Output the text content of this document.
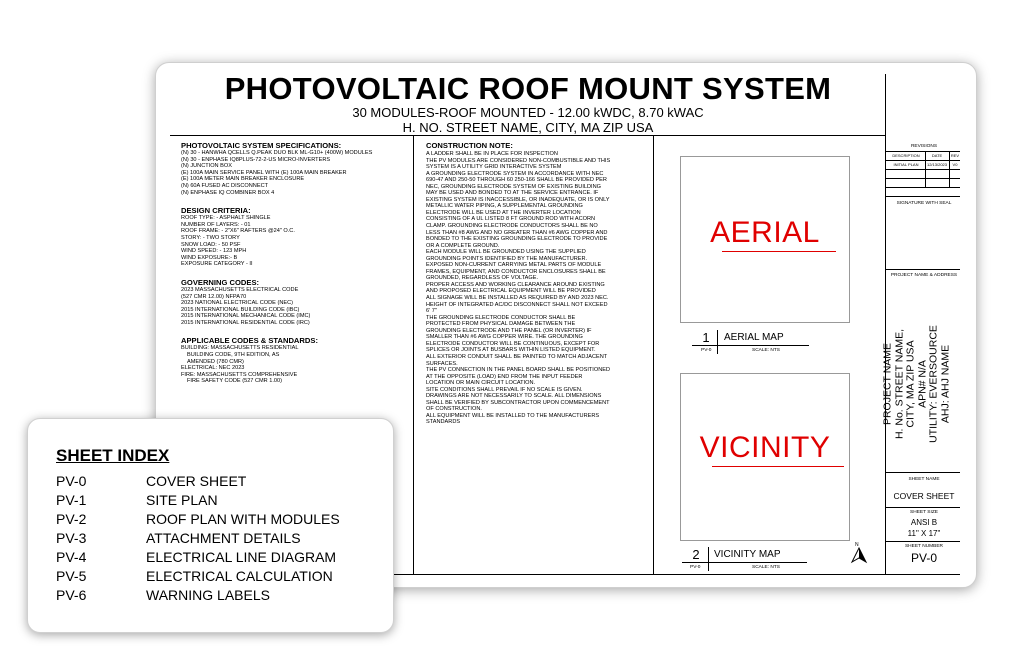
PHOTOVOLTAIC ROOF MOUNT SYSTEM
30 MODULES-ROOF MOUNTED - 12.00 kWDC, 8.70 kWAC
H. NO. STREET NAME, CITY, MA ZIP USA
PHOTOVOLTAIC SYSTEM SPECIFICATIONS:
(N) 30 - HANWHA QCELLS Q.PEAK DUO BLK ML-G10+ (400W) MODULES
(N) 30 - ENPHASE IQ8PLUS-72-2-US MICRO-INVERTERS
(N) JUNCTION BOX
(E) 100A MAIN SERVICE PANEL WITH (E) 100A MAIN BREAKER
(E) 100A METER MAIN BREAKER ENCLOSURE
(N) 60A FUSED AC DISCONNECT
(N) ENPHASE IQ COMBINER BOX 4
DESIGN CRITERIA:
ROOF TYPE: - ASPHALT SHINGLE
NUMBER OF LAYERS: - 01
ROOF FRAME: - 2"X6" RAFTERS @24" O.C.
STORY: - TWO STORY
SNOW LOAD: - 50 PSF
WIND SPEED: - 123 MPH
WIND EXPOSURE:- B
EXPOSURE CATEGORY - II
GOVERNING CODES:
2023 MASSACHUSETTS ELECTRICAL CODE
(527 CMR 12.00) NFPA70
2023 NATIONAL ELECTRICAL CODE (NEC)
2015 INTERNATIONAL BUILDING CODE (IBC)
2015 INTERNATIONAL MECHANICAL CODE (IMC)
2015 INTERNATIONAL RESIDENTIAL CODE (IRC)
APPLICABLE CODES & STANDARDS:
BUILDING: MASSACHUSETTS RESIDENTIAL
BUILDING CODE, 9TH EDITION, AS
AMENDED (780 CMR)
ELECTRICAL: NEC 2023
FIRE: MASSACHUSETTS COMPREHENSIVE
FIRE SAFETY CODE (527 CMR 1.00)
CONSTRUCTION NOTE:

A LADDER SHALL BE IN PLACE FOR INSPECTION

THE PV MODULES ARE CONSIDERED NON-COMBUSTIBLE AND THIS

SYSTEM IS A UTILITY GRID INTERACTIVE SYSTEM

A GROUNDING ELECTRODE SYSTEM IN ACCORDANCE WITH NEC

690-47 AND 250-50 THROUGH 60 250-166 SHALL BE PROVIDED PER

NEC, GROUNDING ELECTRODE SYSTEM OF EXISTING BUILDING

MAY BE USED AND BONDED TO AT THE SERVICE ENTRANCE. IF

EXISTING SYSTEM IS INACCESSIBLE, OR INADEQUATE, OR IS ONLY

METALLIC WATER PIPING, A SUPPLEMENTAL GROUNDING

ELECTRODE WILL BE USED AT THE INVERTER LOCATION

CONSISTING OF A UL LISTED 8 FT GROUND ROD WITH ACORN

CLAMP. GROUNDING ELECTRODE CONDUCTORS SHALL BE NO

LESS THAN #8 AWG AND NO GREATER THAN #6 AWG COPPER AND

BONDED TO THE EXISTING GROUNDING ELECTRODE TO PROVIDE

OR A COMPLETE GROUND.

EACH MODULE WILL BE GROUNDED USING THE SUPPLIED

GROUNDING POINTS IDENTIFIED BY THE MANUFACTURER.

EXPOSED NON-CURRENT CARRYING METAL PARTS OF MODULE

FRAMES, EQUIPMENT, AND CONDUCTOR ENCLOSURES SHALL BE

GROUNDED, REGARDLESS OF VOLTAGE.

PROPER ACCESS AND WORKING CLEARANCE AROUND EXISTING

AND PROPOSED ELECTRICAL EQUIPMENT WILL BE PROVIDED

ALL SIGNAGE WILL BE INSTALLED AS REQUIRED BY AND 2023 NEC.

HEIGHT OF INTEGRATED AC/DC DISCONNECT SHALL NOT EXCEED

6' 7"

THE GROUNDING ELECTRODE CONDUCTOR SHALL BE

PROTECTED FROM PHYSICAL DAMAGE BETWEEN THE

GROUNDING ELECTRODE AND THE PANEL (OR INVERTER) IF

SMALLER THAN #6 AWG COPPER WIRE. THE GROUNDING

ELECTRODE CONDUCTOR WILL BE CONTINUOUS, EXCEPT FOR

SPLICES OR JOINTS AT BUSBARS WITHIN LISTED EQUIPMENT.

ALL EXTERIOR CONDUIT SHALL BE PAINTED TO MATCH ADJACENT

SURFACES.

THE PV CONNECTION IN THE PANEL BOARD SHALL BE POSITIONED

AT THE OPPOSITE (LOAD) END FROM THE INPUT FEEDER

LOCATION OR MAIN CIRCUIT LOCATION.

SITE CONDITIONS SHALL PREVAIL IF NO SCALE IS GIVEN.

DRAWINGS ARE NOT NECESSARILY TO SCALE. ALL DIMENSIONS

SHALL BE VERIFIED BY SUBCONTRACTOR UPON COMMENCEMENT

OF CONSTRUCTION.

ALL EQUIPMENT WILL BE INSTALLED TO THE MANUFACTURERS

STANDARDS

AERIAL
1	AERIAL MAP
PV-0	SCALE: NTS
VICINITY
2	VICINITY MAP
PV-0	SCALE: NTS
N
REVISIONS
DESCRIPTION	DATE	REV
INITIAL PLAN	12/13/2023	V0
SIGNATURE WITH SEAL
PROJECT NAME & ADDRESS
PROJECT NAME H. No. STREET NAME, CITY, MA ZIP USA APN# N/A UTILITY: EVERSOURCE AHJ: AHJ NAME
SHEET NAME
COVER SHEET
SHEET SIZE
ANSI B
11" X 17"
SHEET NUMBER
PV-0
SHEET INDEX
PV-0	COVER SHEET
PV-1	SITE PLAN
PV-2	ROOF PLAN WITH MODULES
PV-3	ATTACHMENT DETAILS
PV-4	ELECTRICAL LINE DIAGRAM
PV-5	ELECTRICAL CALCULATION
PV-6	WARNING LABELS
